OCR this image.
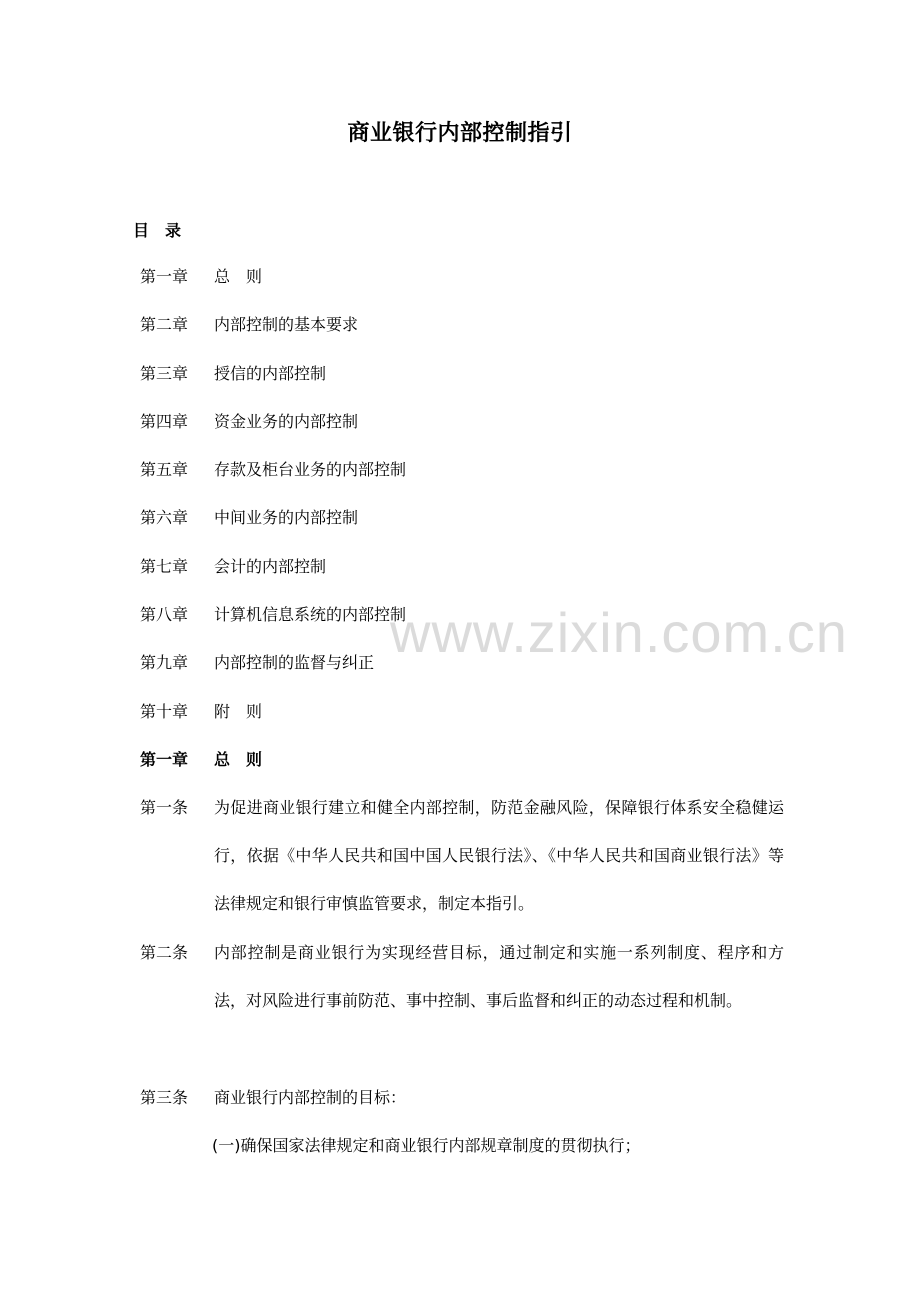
商业银行内部控制指引
目　录
第一章 总　则
第二章 内部控制的基本要求
第三章 授信的内部控制
第四章 资金业务的内部控制
第五章 存款及柜台业务的内部控制
第六章 中间业务的内部控制
第七章 会计的内部控制
第八章 计算机信息系统的内部控制
第九章 内部控制的监督与纠正
第十章 附　则
第一章 总　则
第一条 为促进商业银行建立和健全内部控制，防范金融风险，保障银行体系安全稳健运行，依据《中华人民共和国中国人民银行法》、《中华人民共和国商业银行法》等法律规定和银行审慎监管要求，制定本指引。
第二条 内部控制是商业银行为实现经营目标，通过制定和实施一系列制度、程序和方法，对风险进行事前防范、事中控制、事后监督和纠正的动态过程和机制。
第三条 商业银行内部控制的目标：
(一)确保国家法律规定和商业银行内部规章制度的贯彻执行；
www.zixin.com.cn
